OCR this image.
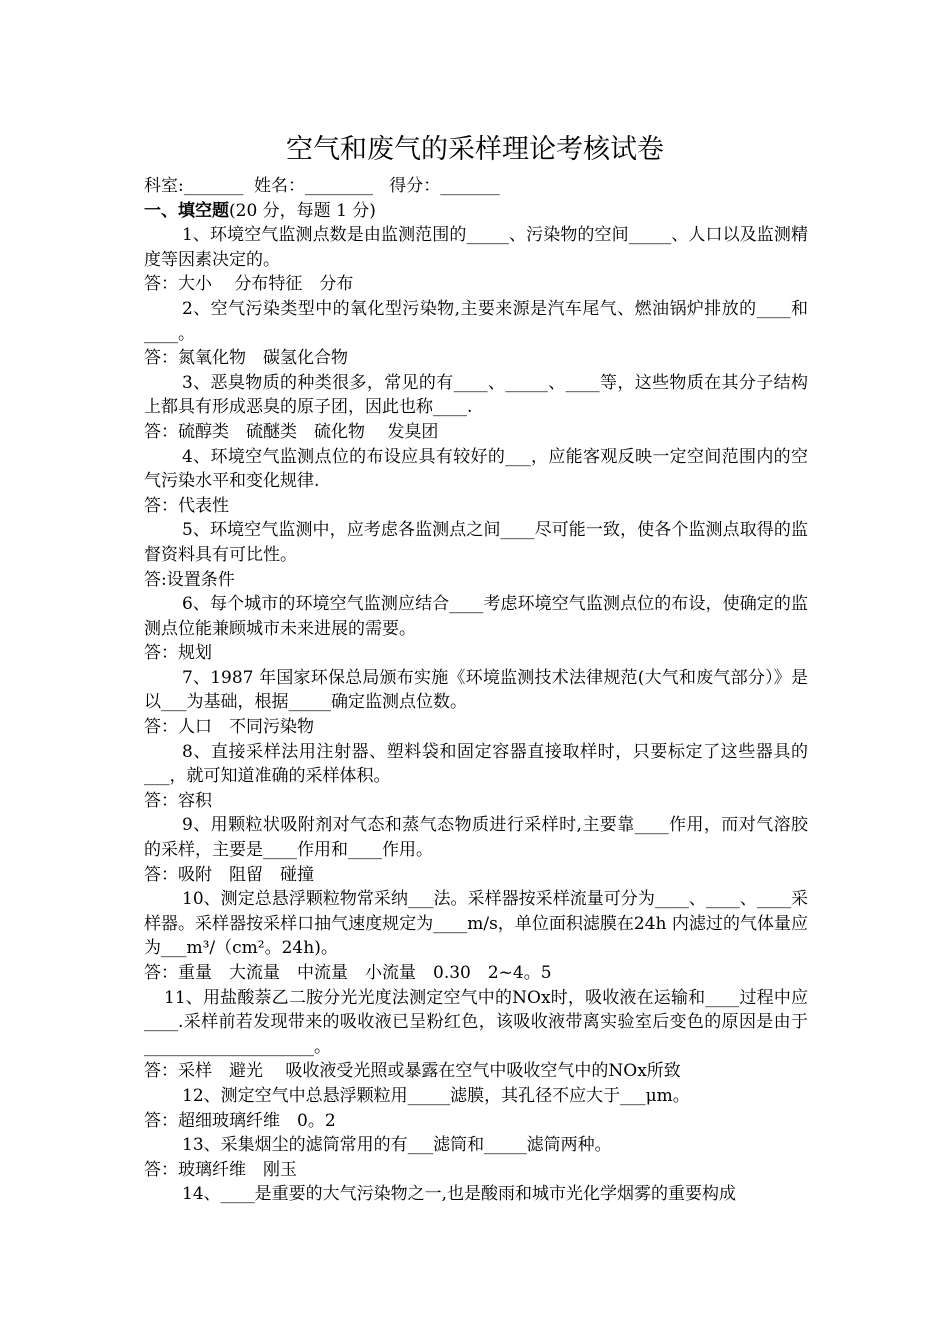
空气和废气的采样理论考核试卷
科室:_______ 姓名：________ 得分：_______
一、填空题(20 分，每题 1 分)
1、环境空气监测点数是由监测范围的_____、污染物的空间_____、人口以及监测精度等因素决定的。
答：大小　 分布特征　分布
2、空气污染类型中的氧化型污染物,主要来源是汽车尾气、燃油锅炉排放的____和____。
答：氮氧化物　碳氢化合物
3、恶臭物质的种类很多，常见的有____、_____、____等，这些物质在其分子结构上都具有形成恶臭的原子团，因此也称____.
答：硫醇类　硫醚类　硫化物　 发臭团
4、环境空气监测点位的布设应具有较好的___，应能客观反映一定空间范围内的空气污染水平和变化规律.
答：代表性
5、环境空气监测中，应考虑各监测点之间____尽可能一致，使各个监测点取得的监督资料具有可比性。
答:设置条件
6、每个城市的环境空气监测应结合____考虑环境空气监测点位的布设，使确定的监测点位能兼顾城市未来进展的需要。
答：规划
7、1987 年国家环保总局颁布实施《环境监测技术法律规范(大气和废气部分）》是以___为基础，根据_____确定监测点位数。
答：人口　不同污染物
8、直接采样法用注射器、塑料袋和固定容器直接取样时，只要标定了这些器具的___，就可知道准确的采样体积。
答：容积
9、用颗粒状吸附剂对气态和蒸气态物质进行采样时,主要靠____作用，而对气溶胶的采样，主要是____作用和____作用。
答：吸附　阻留　碰撞
10、测定总悬浮颗粒物常采纳___法。采样器按采样流量可分为____、____、____采样器。采样器按采样口抽气速度规定为____m/s，单位面积滤膜在24h 内滤过的气体量应为___m³/（cm²。24h)。
答：重量　大流量　中流量　小流量　0.30　2~4。5
11、用盐酸萘乙二胺分光光度法测定空气中的NOx时，吸收液在运输和____过程中应____.采样前若发现带来的吸收液已呈粉红色，该吸收液带离实验室后变色的原因是由于____________________。
答：采样　避光　 吸收液受光照或暴露在空气中吸收空气中的NOx所致
12、测定空气中总悬浮颗粒用_____滤膜，其孔径不应大于___μm。
答：超细玻璃纤维　0。2
13、采集烟尘的滤筒常用的有___滤筒和_____滤筒两种。
答：玻璃纤维　刚玉
14、____是重要的大气污染物之一,也是酸雨和城市光化学烟雾的重要构成
